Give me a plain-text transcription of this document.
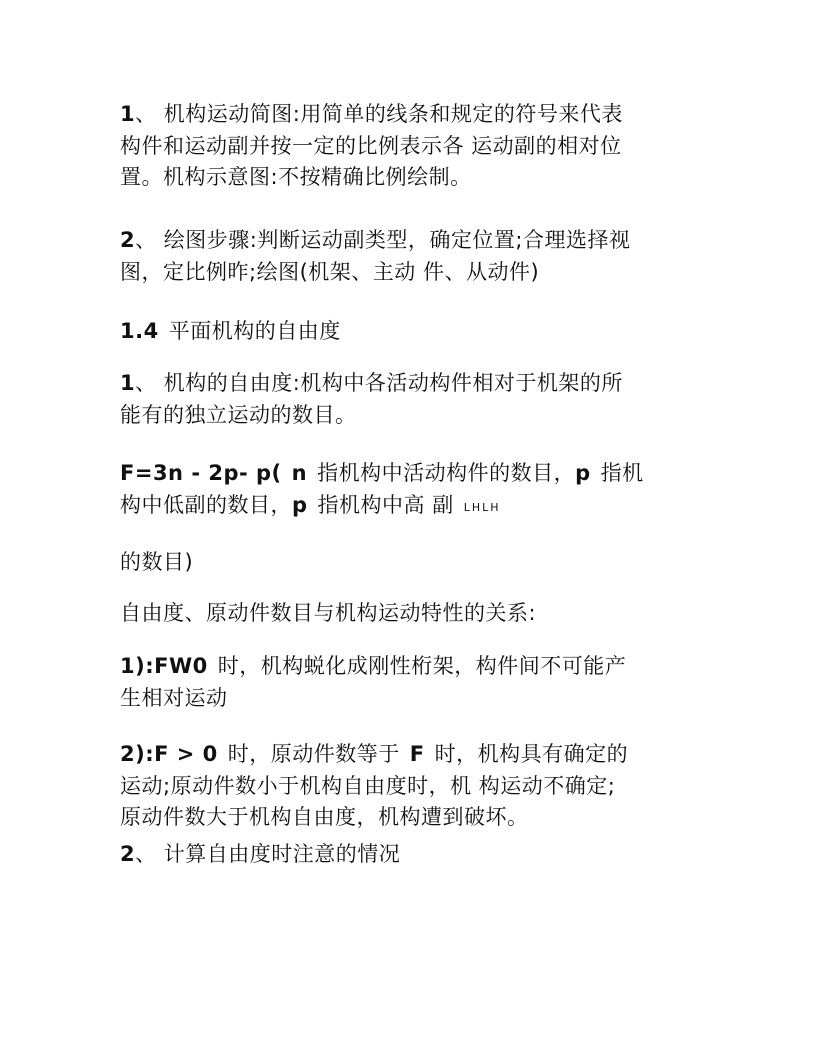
1、 机构运动简图:用简单的线条和规定的符号来代表
构件和运动副并按一定的比例表示各 运动副的相对位
置。机构示意图:不按精确比例绘制。
2、 绘图步骤:判断运动副类型，确定位置;合理选择视
图，定比例昨;绘图(机架、主动 件、从动件)
1.4 平面机构的自由度
1、 机构的自由度:机构中各活动构件相对于机架的所
能有的独立运动的数目。
F=3n - 2p- p( n 指机构中活动构件的数目，p 指机
构中低副的数目，p 指机构中高 副 LHLH
的数目)
自由度、原动件数目与机构运动特性的关系:
1):FW0 时，机构蜕化成刚性桁架，构件间不可能产
生相对运动
2):F > 0 时，原动件数等于 F 时，机构具有确定的
运动;原动件数小于机构自由度时，机 构运动不确定;
原动件数大于机构自由度，机构遭到破坏。
2、 计算自由度时注意的情况
